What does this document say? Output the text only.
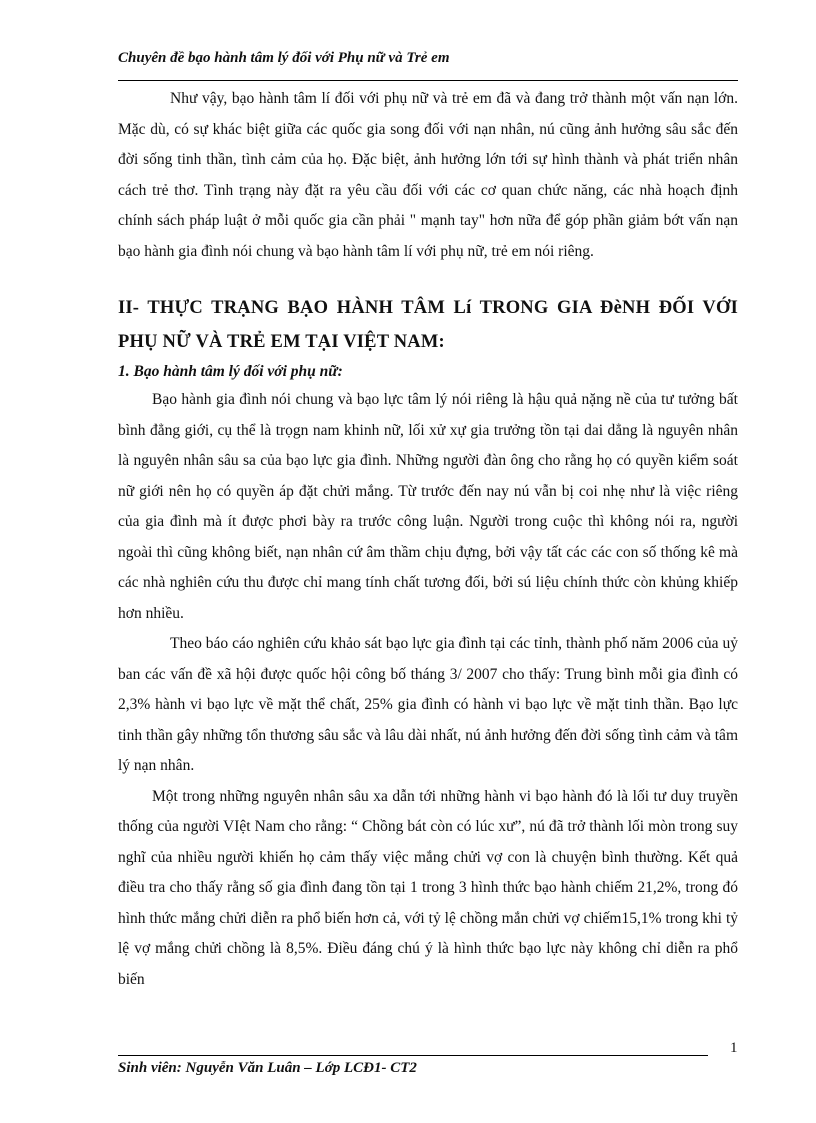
Chuyên đề bạo hành tâm lý đối với Phụ nữ và Trẻ em

Như vậy, bạo hành tâm lí đối với phụ nữ và trẻ em đã và đang trở thành một vấn nạn lớn. Mặc dù, có sự khác biệt giữa các quốc gia song đối với nạn nhân, nú cũng ảnh hưởng sâu sắc đến đời sống tinh thần, tình cảm của họ. Đặc biệt, ảnh hưởng lớn tới sự hình thành và phát triển nhân cách trẻ thơ. Tình trạng này đặt ra yêu cầu đối với các cơ quan chức năng, các nhà hoạch định chính sách pháp luật ở mỗi quốc gia cần phải " mạnh tay" hơn nữa để góp phần giảm bớt vấn nạn bạo hành gia đình nói chung và bạo hành tâm lí với phụ nữ, trẻ em nói riêng.

II- THỰC TRẠNG BẠO HÀNH TÂM Lí TRONG GIA ĐèNH ĐỐI VỚI PHỤ NỮ VÀ TRẺ EM TẠI VIỆT NAM:

1. Bạo hành tâm lý đối với phụ nữ:

Bạo hành gia đình nói chung và bạo lực tâm lý nói riêng là hậu quả nặng nề của tư tưởng bất bình đẳng giới, cụ thể là trọgn nam khinh nữ, lối xử xự gia trưởng tồn tại dai dẳng là nguyên nhân là nguyên nhân sâu sa của bạo lực gia đình. Những người đàn ông cho rằng họ có quyền kiểm soát nữ giới nên họ có quyền áp đặt chửi mắng. Từ trước đến nay nú vẫn bị coi nhẹ như là việc riêng của gia đình mà ít được phơi bày ra trước công luận. Người trong cuộc thì không nói ra, người ngoài thì cũng không biết, nạn nhân cứ âm thầm chịu đựng, bởi vậy tất các các con số thống kê mà các nhà nghiên cứu thu được chỉ mang tính chất tương đối, bởi sú liệu chính thức còn khủng khiếp hơn nhiều.

Theo báo cáo nghiên cứu khảo sát bạo lực gia đình tại các tỉnh, thành phố năm 2006 của uỷ ban các vấn đề xã hội được quốc hội công bố tháng 3/ 2007 cho thấy: Trung bình mỗi gia đình có 2,3% hành vi bạo lực về mặt thể chất, 25% gia đình có hành vi bạo lực về mặt tinh thần. Bạo lực tinh thần gây những tổn thương sâu sắc và lâu dài nhất, nú ảnh hưởng đến đời sống tình cảm và tâm lý nạn nhân.

Một trong những nguyên nhân sâu xa dẫn tới những hành vi bạo hành đó là lối tư duy truyền thống của người VIệt Nam cho rằng: “ Chồng bát còn có lúc xư”, nú đã trở thành lối mòn trong suy nghĩ của nhiều người khiến họ cảm thấy việc mắng chửi vợ con là chuyện bình thường. Kết quả điều tra cho thấy rằng số gia đình đang tồn tại 1 trong 3 hình thức bạo hành chiếm 21,2%, trong đó hình thức mắng chửi diễn ra phổ biến hơn cả, với tỷ lệ chồng mắn chửi vợ chiếm15,1% trong khi tỷ lệ vợ mắng chửi chồng là 8,5%. Điều đáng chú ý là hình thức bạo lực này không chỉ diễn ra phổ biến

1
Sinh viên: Nguyễn Văn Luân – Lớp LCĐ1- CT2
